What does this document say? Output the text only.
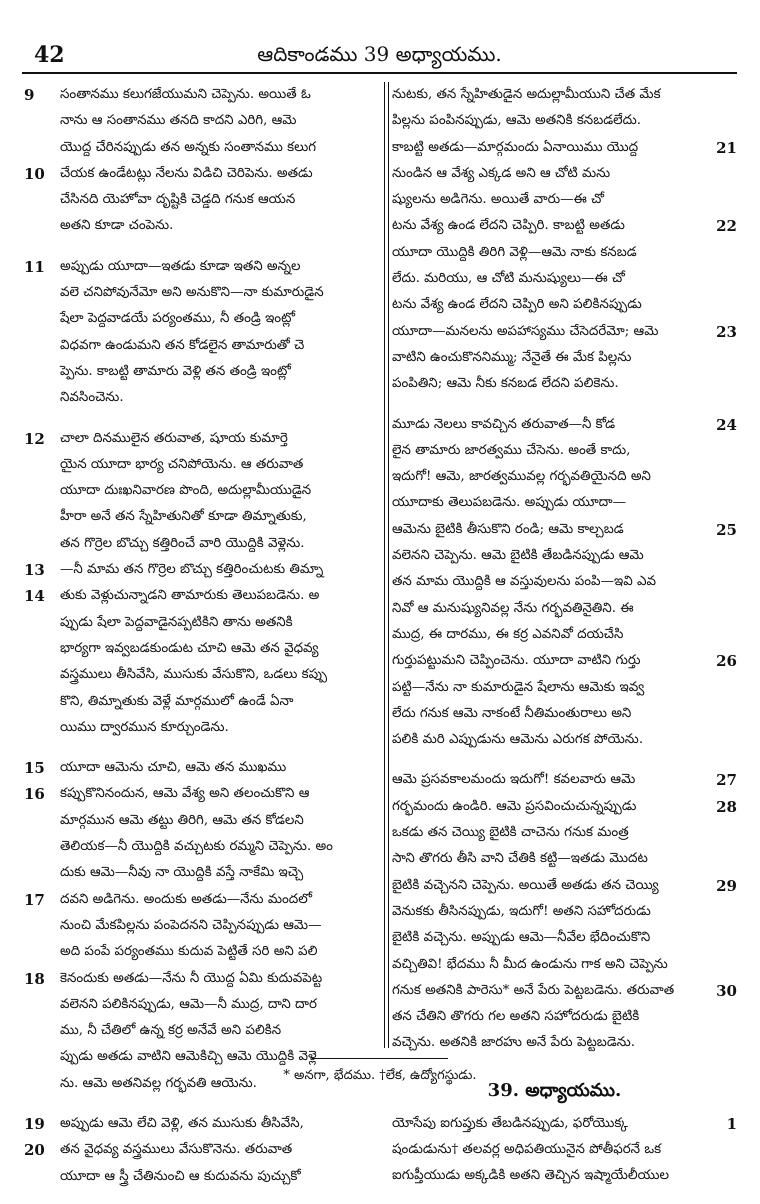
42	ఆదికాండము 39 అధ్యాయము.
9 సంతానము కలుగజేయుమని చెప్పెను. అయితే ఓ
నాను ఆ సంతానము తనది కాదని ఎరిగి, ఆమె
యొద్ద చేరినప్పుడు తన అన్నకు సంతానము కలుగ
10 చేయక ఉండేటట్లు నేలను విడిచి చెరిపెను. అతడు
చేసినది యెహోవా దృష్టికి చెడ్డది గనుక ఆయన
అతని కూడా చంపెను.
11 అప్పుడు యూదా—ఇతడు కూడా ఇతని అన్నల
వలె చనిపోవునేమో అని అనుకొని—నా కుమారుడైన
షేలా పెద్దవాడయే పర్యంతము, నీ తండ్రి ఇంట్లో
విధవగా ఉండుమని తన కోడలైన తామారుతో చె
ప్పెను. కాబట్టి తామారు వెళ్లి తన తండ్రి ఇంట్లో
నివసించెను.
12 చాలా దినములైన తరువాత, షూయ కుమార్తె
యైన యూదా భార్య చనిపోయెను. ఆ తరువాత
యూదా దుఃఖనివారణ పొంది, అదుల్లామీయుడైన
హీరా అనే తన స్నేహితునితో కూడా తిమ్నాతుకు,
తన గొర్రెల బొచ్చు కత్తిరించే వారి యొద్దికి వెళ్లెను.
13 —నీ మామ తన గొర్రెల బొచ్చు కత్తిరించుటకు తిమ్నా
14 తుకు వెళ్లుచున్నాడని తామారుకు తెలుపబడెను. అ
ప్పుడు షేలా పెద్దవాడైనప్పటికిని తాను అతనికి
భార్యగా ఇవ్వబడకుండుట చూచి ఆమె తన వైధవ్య
వస్త్రములు తీసివేసి, ముసుకు వేసుకొని, ఒడలు కప్పు
కొని, తిమ్నాతుకు వెళ్లే మార్గములో ఉండే ఏనా
యిము ద్వారమున కూర్చుండెను.
15 యూదా ఆమెను చూచి, ఆమె తన ముఖము
16 కప్పుకొనినందున, ఆమె వేశ్య అని తలంచుకొని ఆ
మార్గమున ఆమె తట్టు తిరిగి, ఆమె తన కోడలని
తెలియక—నీ యొద్దికి వచ్చుటకు రమ్మని చెప్పెను. అం
దుకు ఆమె—నీవు నా యొద్దికి వస్తే నాకేమి ఇచ్చె
17 దవని అడిగెను. అందుకు అతడు—నేను మందలో
నుంచి మేకపిల్లను పంపెదనని చెప్పినప్పుడు ఆమె—
అది పంపే పర్యంతము కుదువ పెట్టితే సరి అని పలి
18 కెనందుకు అతడు—నేను నీ యొద్ద ఏమి కుదువపెట్ట
వలెనని పలికినప్పుడు, ఆమె—నీ ముద్ర, దాని దార
ము, నీ చేతిలో ఉన్న కర్ర అనేవే అని పలికిన
ప్పుడు అతడు వాటిని ఆమెకిచ్చి ఆమె యొద్దికి వెళ్లె
ను. ఆమె అతనివల్ల గర్భవతి ఆయెను.
19 అప్పుడు ఆమె లేచి వెళ్లి, తన ముసుకు తీసివేసి,
20 తన వైధవ్య వస్త్రములు వేసుకొనెను. తరువాత
యూదా ఆ స్త్రీ చేతినుంచి ఆ కుదువను పుచ్చుకో
నుటకు, తన స్నేహితుడైన అదుల్లామీయుని చేత మేక
పిల్లను పంపినప్పుడు, ఆమె అతనికి కనబడలేదు.
21
కాబట్టి అతడు—మార్గమందు ఏనాయిము యొద్ద
నుండిన ఆ వేశ్య ఎక్కడ అని ఆ చోటి మను
ష్యులను అడిగెను. అయితే వారు—ఈ చో
22
టను వేశ్య ఉండ లేదని చెప్పిరి. కాబట్టి అతడు
యూదా యొద్దికి తిరిగి వెళ్లి—ఆమె నాకు కనబడ
లేదు. మరియు, ఆ చోటి మనుష్యులు—ఈ చో
టను వేశ్య ఉండ లేదని చెప్పిరి అని పలికినప్పుడు
23
యూదా—మనలను అపహాస్యము చేసెదరేమో; ఆమె
వాటిని ఉంచుకొననిమ్ము; నేనైతే ఈ మేక పిల్లను
పంపితిని; ఆమె నీకు కనబడ లేదని పలికెను.
24
మూడు నెలలు కావచ్చిన తరువాత—నీ కోడ
లైన తామారు జారత్వము చేసెను. అంతే కాదు,
ఇదుగో! ఆమె, జారత్వమువల్ల గర్భవతియైనది అని
యూదాకు తెలుపబడెను. అప్పుడు యూదా—
25
ఆమెను బైటికి తీసుకొని రండి; ఆమె కాల్చబడ
వలెనని చెప్పెను. ఆమె బైటికి తేబడినప్పుడు ఆమె
తన మామ యొద్దికి ఆ వస్తువులను పంపి—ఇవి ఎవ
నివో ఆ మనుష్యునివల్ల నేను గర్భవతినైతిని. ఈ
ముద్ర, ఈ దారము, ఈ కర్ర ఎవనివో దయచేసి
26
గుర్తుపట్టుమని చెప్పించెను. యూదా వాటిని గుర్తు
పట్టి—నేను నా కుమారుడైన షేలాను ఆమెకు ఇవ్వ
లేదు గనుక ఆమె నాకంటే నీతిమంతురాలు అని
పలికి మరి ఎప్పుడును ఆమెను ఎరుగక పోయెను.
27
ఆమె ప్రసవకాలమందు ఇదుగో! కవలవారు ఆమె
28
గర్భమందు ఉండిరి. ఆమె ప్రసవించుచున్నప్పుడు
ఒకడు తన చెయ్యి బైటికి చాచెను గనుక మంత్ర
సాని తొగరు తీసి వాని చేతికి కట్టి—ఇతడు మొదట
29
బైటికి వచ్చెనని చెప్పెను. అయితే అతడు తన చెయ్యి
వెనుకకు తీసినప్పుడు, ఇదుగో! అతని సహోదరుడు
బైటికి వచ్చెను. అప్పుడు ఆమె—నీవేల భేదించుకొని
వచ్చితివి! భేదము నీ మీద ఉండును గాక అని చెప్పెను
30
గనుక అతనికి పారెసు* అనే పేరు పెట్టబడెను. తరువాత
తన చేతిని తొగరు గల అతని సహోదరుడు బైటికి
వచ్చెను. అతనికి జారహు అనే పేరు పెట్టబడెను.
39. అధ్యాయము.
1
యోసేపు ఐగుప్తుకు తేబడినప్పుడు, ఫరోయొక్క
షండుడును† తలవర్ల అధిపతియునైన పోతీఫరనే ఒక
ఐగుప్తీయుడు అక్కడికి అతని తెచ్చిన ఇష్మాయేలీయుల
* అనగా, భేదము. †లేక, ఉద్యోగస్థుడు.
